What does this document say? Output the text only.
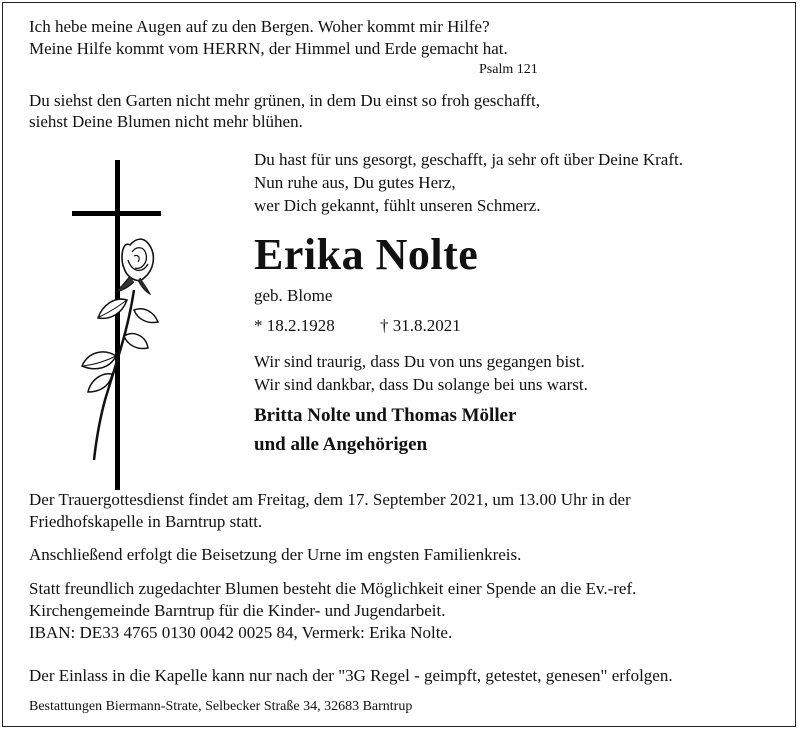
Ich hebe meine Augen auf zu den Bergen. Woher kommt mir Hilfe?
Meine Hilfe kommt vom HERRN, der Himmel und Erde gemacht hat.
Psalm 121
Du siehst den Garten nicht mehr grünen, in dem Du einst so froh geschafft,
siehst Deine Blumen nicht mehr blühen.
Du hast für uns gesorgt, geschafft, ja sehr oft über Deine Kraft.
Nun ruhe aus, Du gutes Herz,
wer Dich gekannt, fühlt unseren Schmerz.
Erika Nolte
geb. Blome
* 18.2.1928	† 31.8.2021
Wir sind traurig, dass Du von uns gegangen bist.
Wir sind dankbar, dass Du solange bei uns warst.
Britta Nolte und Thomas Möller
und alle Angehörigen
Der Trauergottesdienst findet am Freitag, dem 17. September 2021, um 13.00 Uhr in der
Friedhofskapelle in Barntrup statt.
Anschließend erfolgt die Beisetzung der Urne im engsten Familienkreis.
Statt freundlich zugedachter Blumen besteht die Möglichkeit einer Spende an die Ev.-ref.
Kirchengemeinde Barntrup für die Kinder- und Jugendarbeit.
IBAN: DE33 4765 0130 0042 0025 84, Vermerk: Erika Nolte.
Der Einlass in die Kapelle kann nur nach der "3G Regel - geimpft, getestet, genesen" erfolgen.
Bestattungen Biermann-Strate, Selbecker Straße 34, 32683 Barntrup
